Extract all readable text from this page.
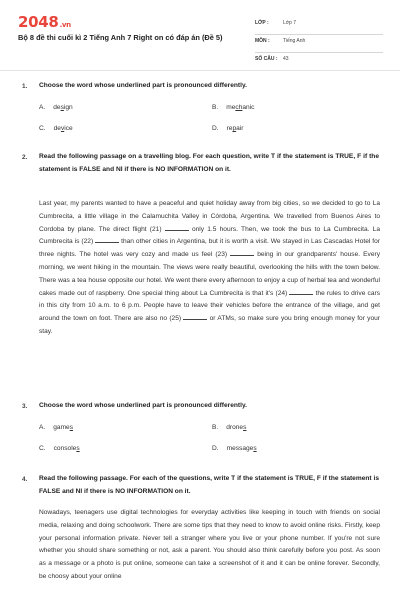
2048.vn
Bộ 8 đề thi cuối kì 2 Tiếng Anh 7 Right on có đáp án (Đề 5)
LỚP :	Lớp 7
MÔN :	Tiếng Anh
SỐ CÂU : 43
1. Choose the word whose underlined part is pronounced differently.
A. design	B. mechanic
C. device	D. repair
2. Read the following passage on a travelling blog. For each question, write T if the statement is TRUE, F if the statement is FALSE and NI if there is NO INFORMATION on it.

Last year, my parents wanted to have a peaceful and quiet holiday away from big cities, so we decided to go to La Cumbrecita, a little village in the Calamuchita Valley in Córdoba, Argentina. We travelled from Buenos Aires to Cordoba by plane. The direct flight (21)	only 1.5 hours. Then, we took the bus to La Cumbrecita. La Cumbrecita is (22)	than other cities in Argentina, but it is worth a visit. We stayed in Las Cascadas Hotel for three nights. The hotel was very cozy and made us feel (23)	being in our grandparents' house. Every morning, we went hiking in the mountain. The views were really beautiful, overlooking the hills with the town below. There was a tea house opposite our hotel. We went there every afternoon to enjoy a cup of herbal tea and wonderful cakes made out of raspberry. One special thing about La Cumbrecita is that it's (24)	the rules to drive cars in this city from 10 a.m. to 6 p.m. People have to leave their vehicles before the entrance of the village, and get around the town on foot. There are also no (25)	or ATMs, so make sure you bring enough money for your stay.

3. Choose the word whose underlined part is pronounced differently.
A. games	B. drones
C. consoles	D. messages
4. Read the following passage. For each of the questions, write T if the statement is TRUE, F if the statement is FALSE and NI if there is NO INFORMATION on it.

Nowadays, teenagers use digital technologies for everyday activities like keeping in touch with friends on social media, relaxing and doing schoolwork. There are some tips that they need to know to avoid online risks. Firstly, keep your personal information private. Never tell a stranger where you live or your phone number. If you're not sure whether you should share something or not, ask a parent. You should also think carefully before you post. As soon as a message or a photo is put online, someone can take a screenshot of it and it can be online forever. Secondly, be choosy about your online
